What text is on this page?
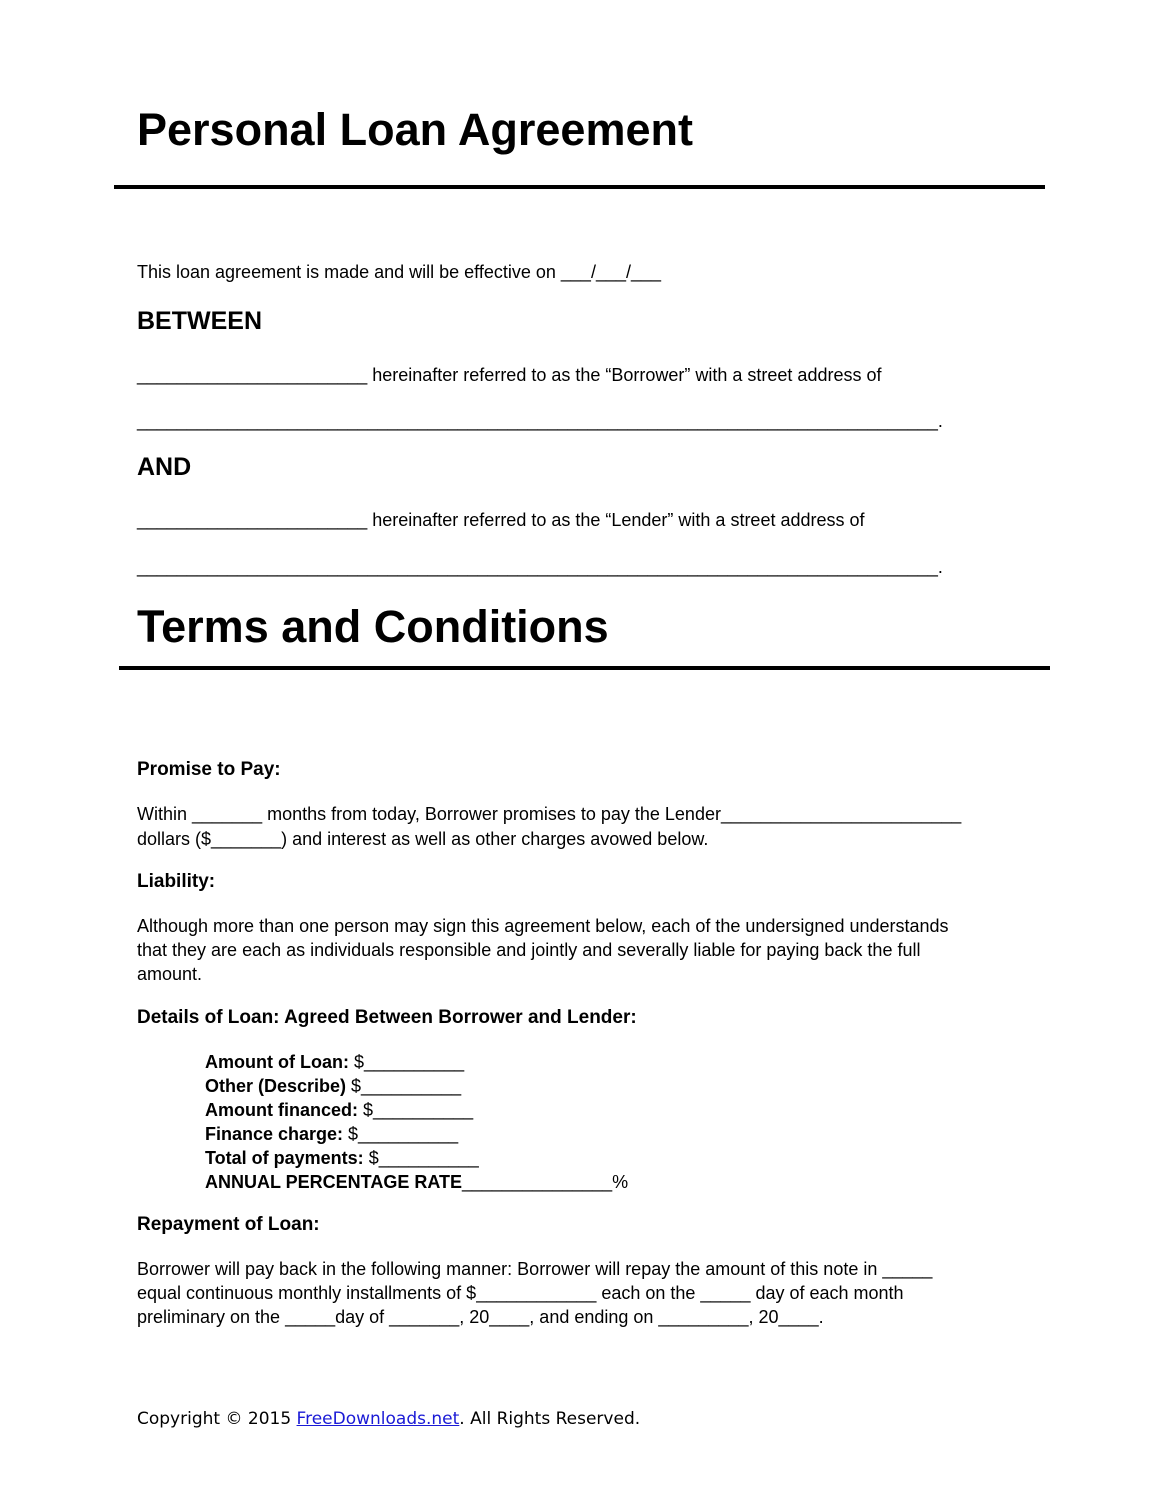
Personal Loan Agreement
This loan agreement is made and will be effective on ___/___/___
BETWEEN
_______________________ hereinafter referred to as the “Borrower” with a street address of
________________________________________________________________________________.
AND
_______________________ hereinafter referred to as the “Lender” with a street address of
________________________________________________________________________________.
Terms and Conditions
Promise to Pay:
Within _______ months from today, Borrower promises to pay the Lender________________________
dollars ($_______) and interest as well as other charges avowed below.
Liability:
Although more than one person may sign this agreement below, each of the undersigned understands
that they are each as individuals responsible and jointly and severally liable for paying back the full
amount.
Details of Loan: Agreed Between Borrower and Lender:
Amount of Loan: $__________
Other (Describe) $__________
Amount financed: $__________
Finance charge: $__________
Total of payments: $__________
ANNUAL PERCENTAGE RATE_______________%
Repayment of Loan:
Borrower will pay back in the following manner: Borrower will repay the amount of this note in _____
equal continuous monthly installments of $____________ each on the _____ day of each month
preliminary on the _____day of _______, 20____, and ending on _________, 20____.
Copyright © 2015 FreeDownloads.net. All Rights Reserved.
